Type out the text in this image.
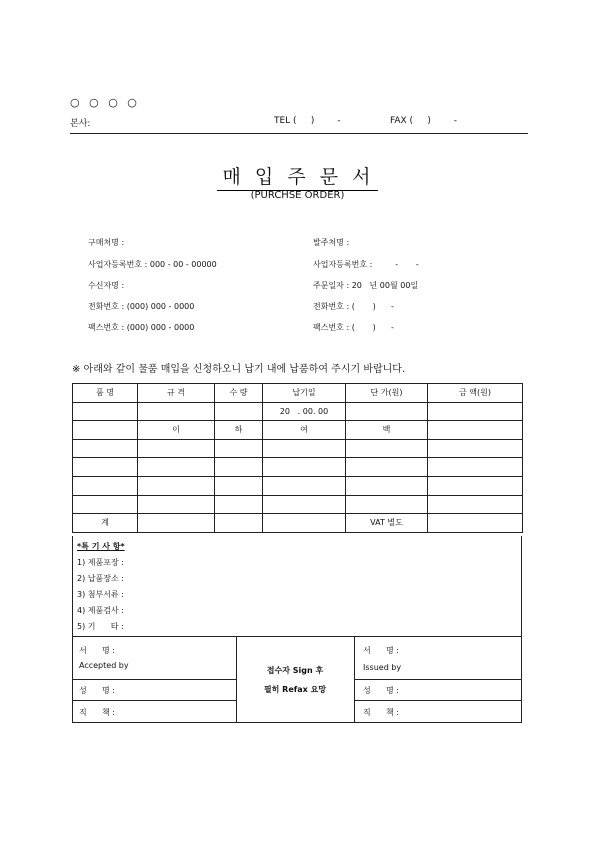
○ ○ ○ ○
본사:	TEL (     )        -	FAX (     )        -
매 입 주 문 서
(PURCHSE ORDER)
구매처명 :
사업자등록번호 : 000 - 00 - 00000
수신자명 :
전화번호 : (000) 000 - 0000
팩스번호 : (000) 000 - 0000
발주처명 :
사업자등록번호 :         -       -
주문일자 : 20   년 00월 00일
전화번호 : (       )      -
팩스번호 : (       )      -
※ 아래와 같이 물품 매입을 신청하오니 납기 내에 납품하여 주시기 바랍니다.
품 명	규 격	수 량	납기일	단 가(원)	금 액(원)
			20   . 00. 00		
	이	하	여	백	

계				VAT 별도	
*특 기 사 항*
1) 제품포장 :
2) 납품장소 :
3) 첨부서류 :
4) 제품검사 :
5) 기      타 :
서      명 :
Accepted by
성      명 :
직      책 :
접수자 Sign 후
필히 Refax 요망
서      명 :
Issued by
성      명 :
직      책 :
